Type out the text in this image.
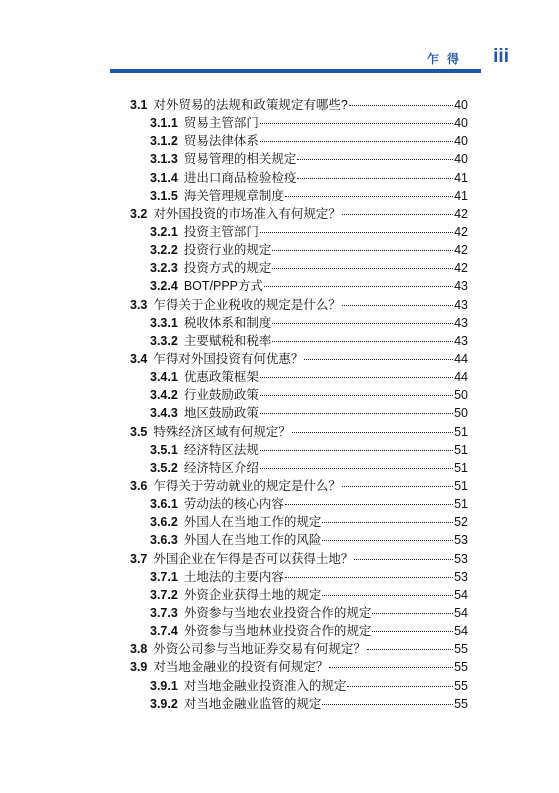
乍得 iii
3.1 对外贸易的法规和政策规定有哪些?	40
3.1.1 贸易主管部门	40
3.1.2 贸易法律体系	40
3.1.3 贸易管理的相关规定	40
3.1.4 进出口商品检验检疫	41
3.1.5 海关管理规章制度	41
3.2 对外国投资的市场准入有何规定？	42
3.2.1 投资主管部门	42
3.2.2 投资行业的规定	42
3.2.3 投资方式的规定	42
3.2.4 BOT/PPP方式	43
3.3 乍得关于企业税收的规定是什么？	43
3.3.1 税收体系和制度	43
3.3.2 主要赋税和税率	43
3.4 乍得对外国投资有何优惠？	44
3.4.1 优惠政策框架	44
3.4.2 行业鼓励政策	50
3.4.3 地区鼓励政策	50
3.5 特殊经济区域有何规定？	51
3.5.1 经济特区法规	51
3.5.2 经济特区介绍	51
3.6 乍得关于劳动就业的规定是什么？	51
3.6.1 劳动法的核心内容	51
3.6.2 外国人在当地工作的规定	52
3.6.3 外国人在当地工作的风险	53
3.7 外国企业在乍得是否可以获得土地？	53
3.7.1 土地法的主要内容	53
3.7.2 外资企业获得土地的规定	54
3.7.3 外资参与当地农业投资合作的规定	54
3.7.4 外资参与当地林业投资合作的规定	54
3.8 外资公司参与当地证券交易有何规定？	55
3.9 对当地金融业的投资有何规定？	55
3.9.1 对当地金融业投资准入的规定	55
3.9.2 对当地金融业监管的规定	55
